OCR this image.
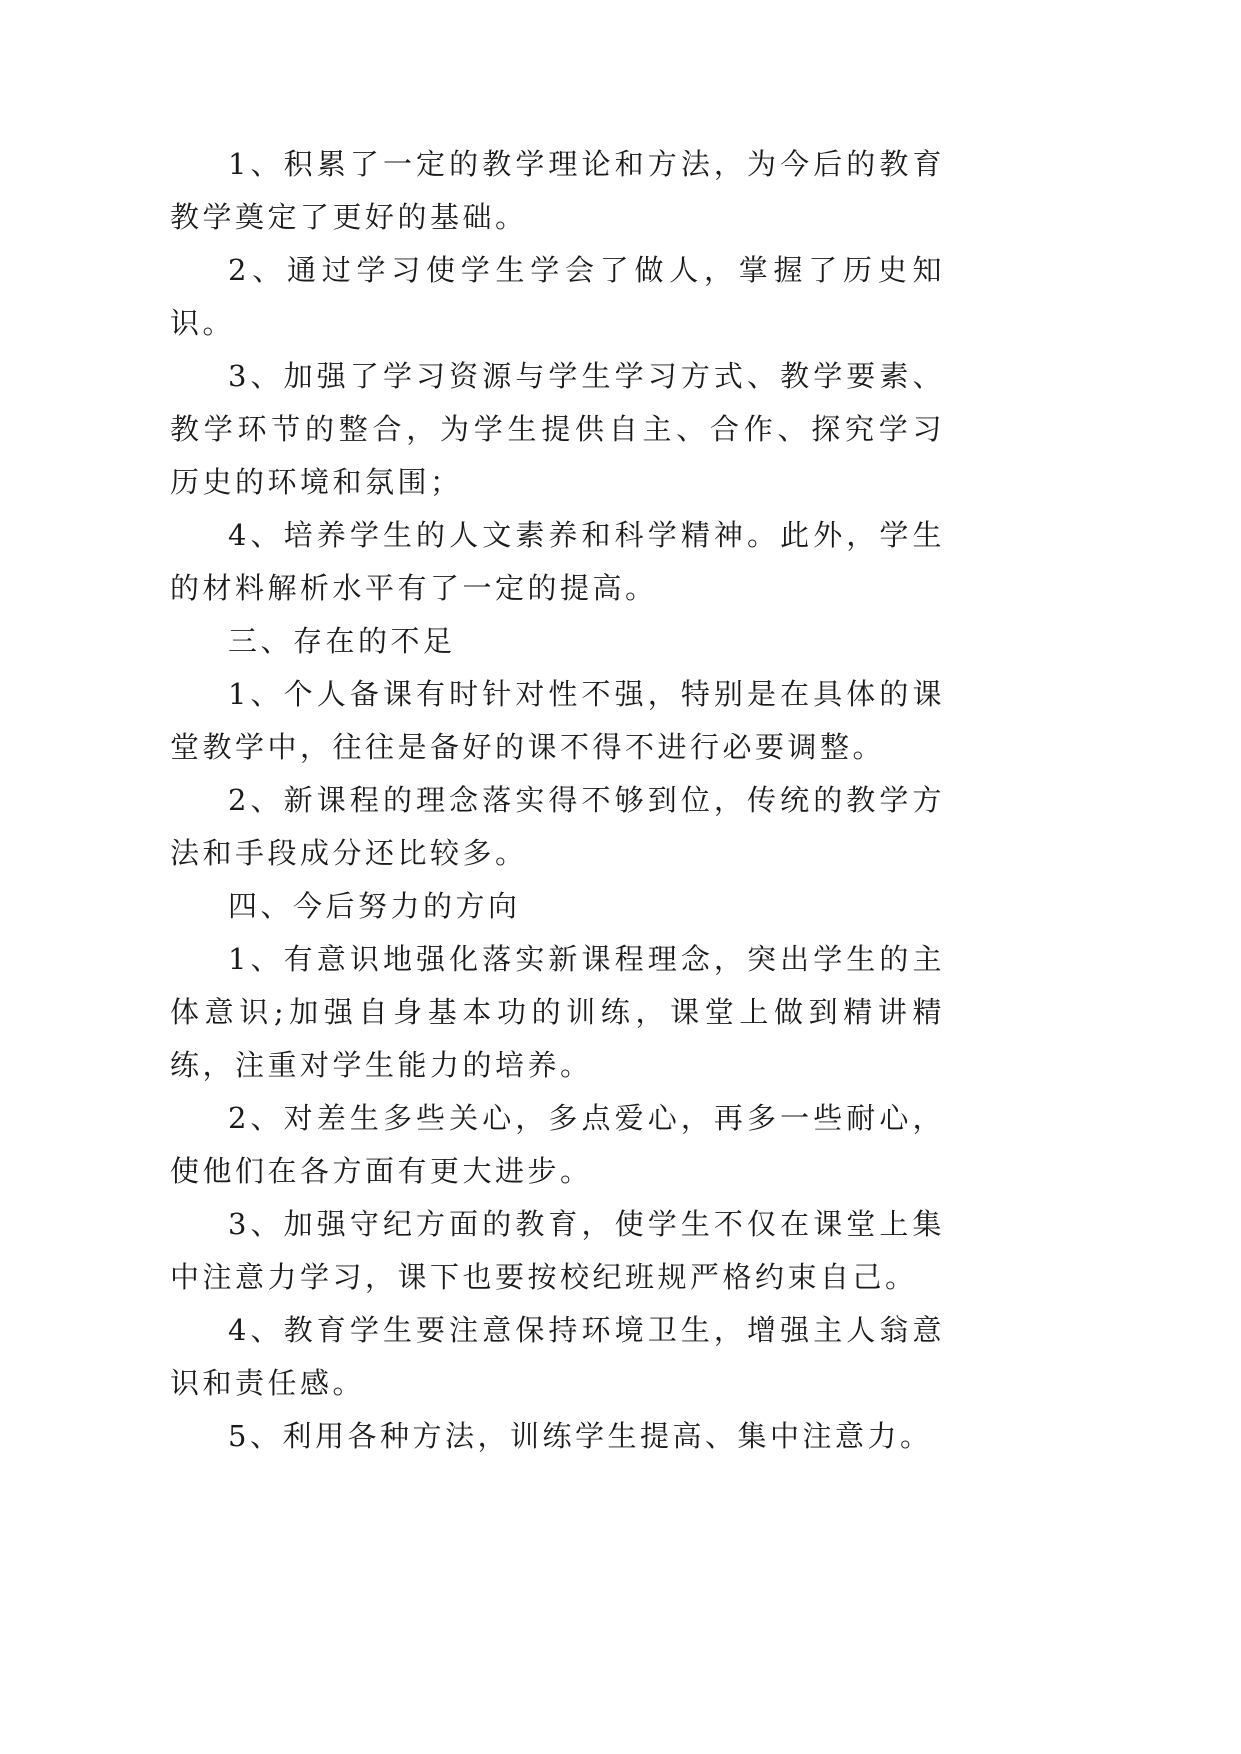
1、积累了一定的教学理论和方法，为今后的教育教学奠定了更好的基础。

2、通过学习使学生学会了做人，掌握了历史知识。

3、加强了学习资源与学生学习方式、教学要素、教学环节的整合，为学生提供自主、合作、探究学习历史的环境和氛围；

4、培养学生的人文素养和科学精神。此外，学生的材料解析水平有了一定的提高。

三、存在的不足

1、个人备课有时针对性不强，特别是在具体的课堂教学中，往往是备好的课不得不进行必要调整。

2、新课程的理念落实得不够到位，传统的教学方法和手段成分还比较多。

四、今后努力的方向

1、有意识地强化落实新课程理念，突出学生的主体意识;加强自身基本功的训练，课堂上做到精讲精练，注重对学生能力的培养。

2、对差生多些关心，多点爱心，再多一些耐心，使他们在各方面有更大进步。

3、加强守纪方面的教育，使学生不仅在课堂上集中注意力学习，课下也要按校纪班规严格约束自己。

4、教育学生要注意保持环境卫生，增强主人翁意识和责任感。

5、利用各种方法，训练学生提高、集中注意力。
